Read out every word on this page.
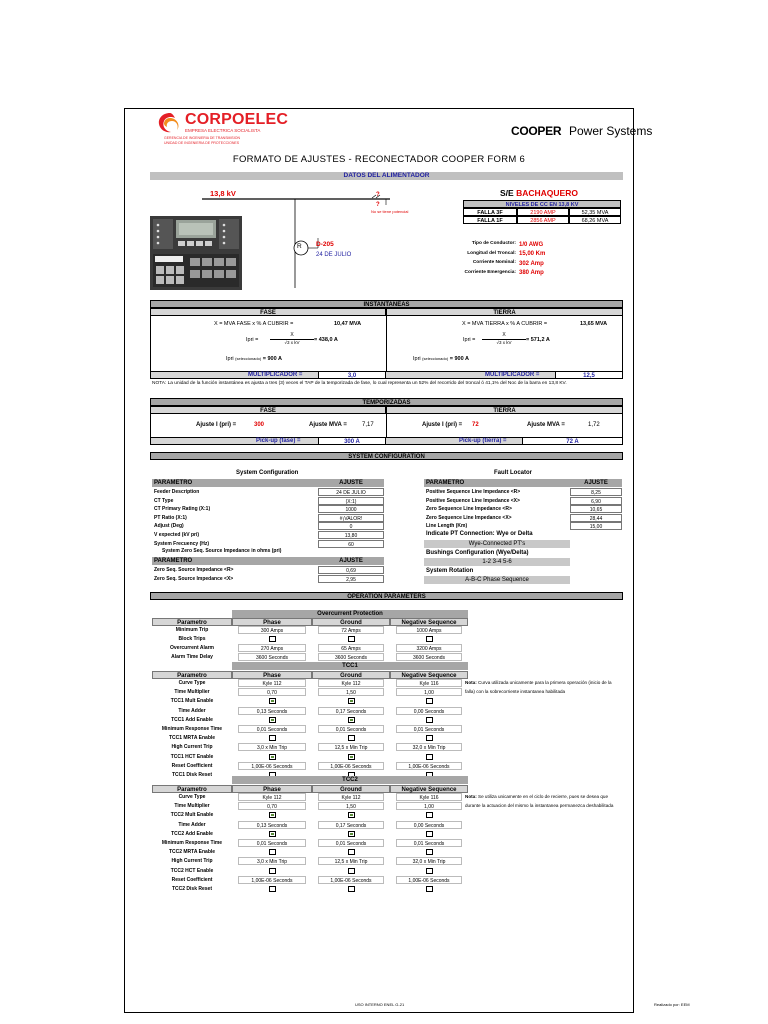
CORPOELEC
EMPRESA ELECTRICA SOCIALISTA
GERENCIA DE INGENIERIA DE TRANSMISION
UNIDAD DE INGENIERIA DE PROTECCIONES
COOPER Power Systems
FORMATO DE AJUSTES - RECONECTADOR COOPER FORM 6
DATOS DEL ALIMENTADOR
13,8 kV	?
?
No se tiene potencial
R D-205
24 DE JULIO
S/E BACHAQUERO
NIVELES DE CC EN 13,8 KV
FALLA 3F	2190 AMP	52,35 MVA
FALLA 1F	2856 AMP	68,26 MVA
Tipo de Conductor: 1/0 AWG
Longitud del Troncal: 15,00 Km
Corriente Nominal: 302 Amp
Corriente Emergencia: 380 Amp
INSTANTANEAS
FASE	TIERRA
X = MVA FASE x % A CUBRIR =	10,47 MVA
Ipri =
X
√3 x kV	= 438,0 A
Ipri (seleccionado) = 900 A
X = MVA TIERRA x % A CUBRIR =	13,65 MVA
Ipri =
X
√3 x kV	= 571,2 A
Ipri (seleccionado) = 900 A
MULTIPLICADOR =	3,0	MULTIPLICADOR =	12,5
NOTA: La unidad de la función instantánea es ajusta a tres (3) veces el TAP de la temporizada de fase, lo cual representa un 52% del recorrido del troncal ó 41,1% del Noc de la barra en 13,8 KV.
TEMPORIZADAS
FASE	TIERRA
Ajuste I (pri) =	300	Ajuste MVA =	7,17	Ajuste I (pri) = 72	Ajuste MVA =	1,72
Pick-up (fase) =	300 A	Pick-up (tierra) =	72 A
SYSTEM CONFIGURATION
System Configuration	Fault Locator
PARAMETRO	AJUSTE
Feeder Description	24 DE JULIO
CT Type	(X:1)
CT Primary Rating (X:1)	1000
PT Ratio (X:1)	#¡VALOR!
Adjust (Deg)	0
V expected (kV pri)	13,80
System Frecuency (Hz)	60
System Zero Seq. Source Impedance in ohms (pri)
PARAMETRO	AJUSTE
Zero Seq. Source Impedance <R>	0,69
Zero Seq. Source Impedance <X>	2,95
PARAMETRO	AJUSTE
Positive Sequence Line Impedance <R>	8,25
Positive Sequence Line Impedance <X>	6,90
Zero Sequence Line Impedance <R>	10,65
Zero Sequence Line Impedance <X>	28,44
Line Length (Km)	15,00
Indicate PT Connection: Wye or Delta
Wye-Connected PT's
Bushings Configuration (Wye/Delta)
1-2 3-4 5-6
System Rotation
A-B-C Phase Sequence
OPERATION PARAMETERS
Overcurrent Protection
Parametro	Phase	Ground	Negative Sequence
Minimum Trip	300 Amps	72 Amps	1000 Amps
Block Trips
Overcurrent Alarm	270 Amps	65 Amps	3200 Amps
Alarm Time Delay	3600 Seconds	3600 Seconds	3600 Seconds
TCC1
Parametro	Phase	Ground	Negative Sequence
Curve Type	Kyle 112	Kyle 112	Kyle 116
Time Multiplier	0,70	1,50	1,00
TCC1 Mult Enable
Time Adder	0,13 Seconds	0,17 Seconds	0,00 Seconds
TCC1 Add Enable
Minimum Response Time	0,01 Seconds	0,01 Seconds	0,01 Seconds
TCC1 MRTA Enable
High Current Trip	3,0 x Min Trip	12,5 x Min Trip	32,0 x Min Trip
TCC1 HCT Enable
Reset Coefficient	1,00E-06 Seconds	1,00E-06 Seconds	1,00E-06 Seconds
TCC1 Disk Reset
TCC2
Parametro	Phase	Ground	Negative Sequence
Curve Type	Kyle 112	Kyle 112	Kyle 116
Time Multiplier	0,70	1,50	1,00
TCC2 Mult Enable
Time Adder	0,13 Seconds	0,17 Seconds	0,00 Seconds
TCC2 Add Enable
Minimum Response Time	0,01 Seconds	0,01 Seconds	0,01 Seconds
TCC2 MRTA Enable
High Current Trip	3,0 x Min Trip	12,5 x Min Trip	32,0 x Min Trip
TCC2 HCT Enable
Reset Coefficient	1,00E-06 Seconds	1,00E-06 Seconds	1,00E-06 Seconds
TCC2 Disk Reset
Nota: Curva utilizada unicamente para la primera operación (inicio de la falla) con la sobrecorriente instantanea habilitada
Nota: Se utiliza unicamente en el ciclo de recierre, pues se desea que durante la actuacion del mismo la instantanea permanezca deshabilitada
USO INTERNO ENEL G-21	Realizado por: EEM
